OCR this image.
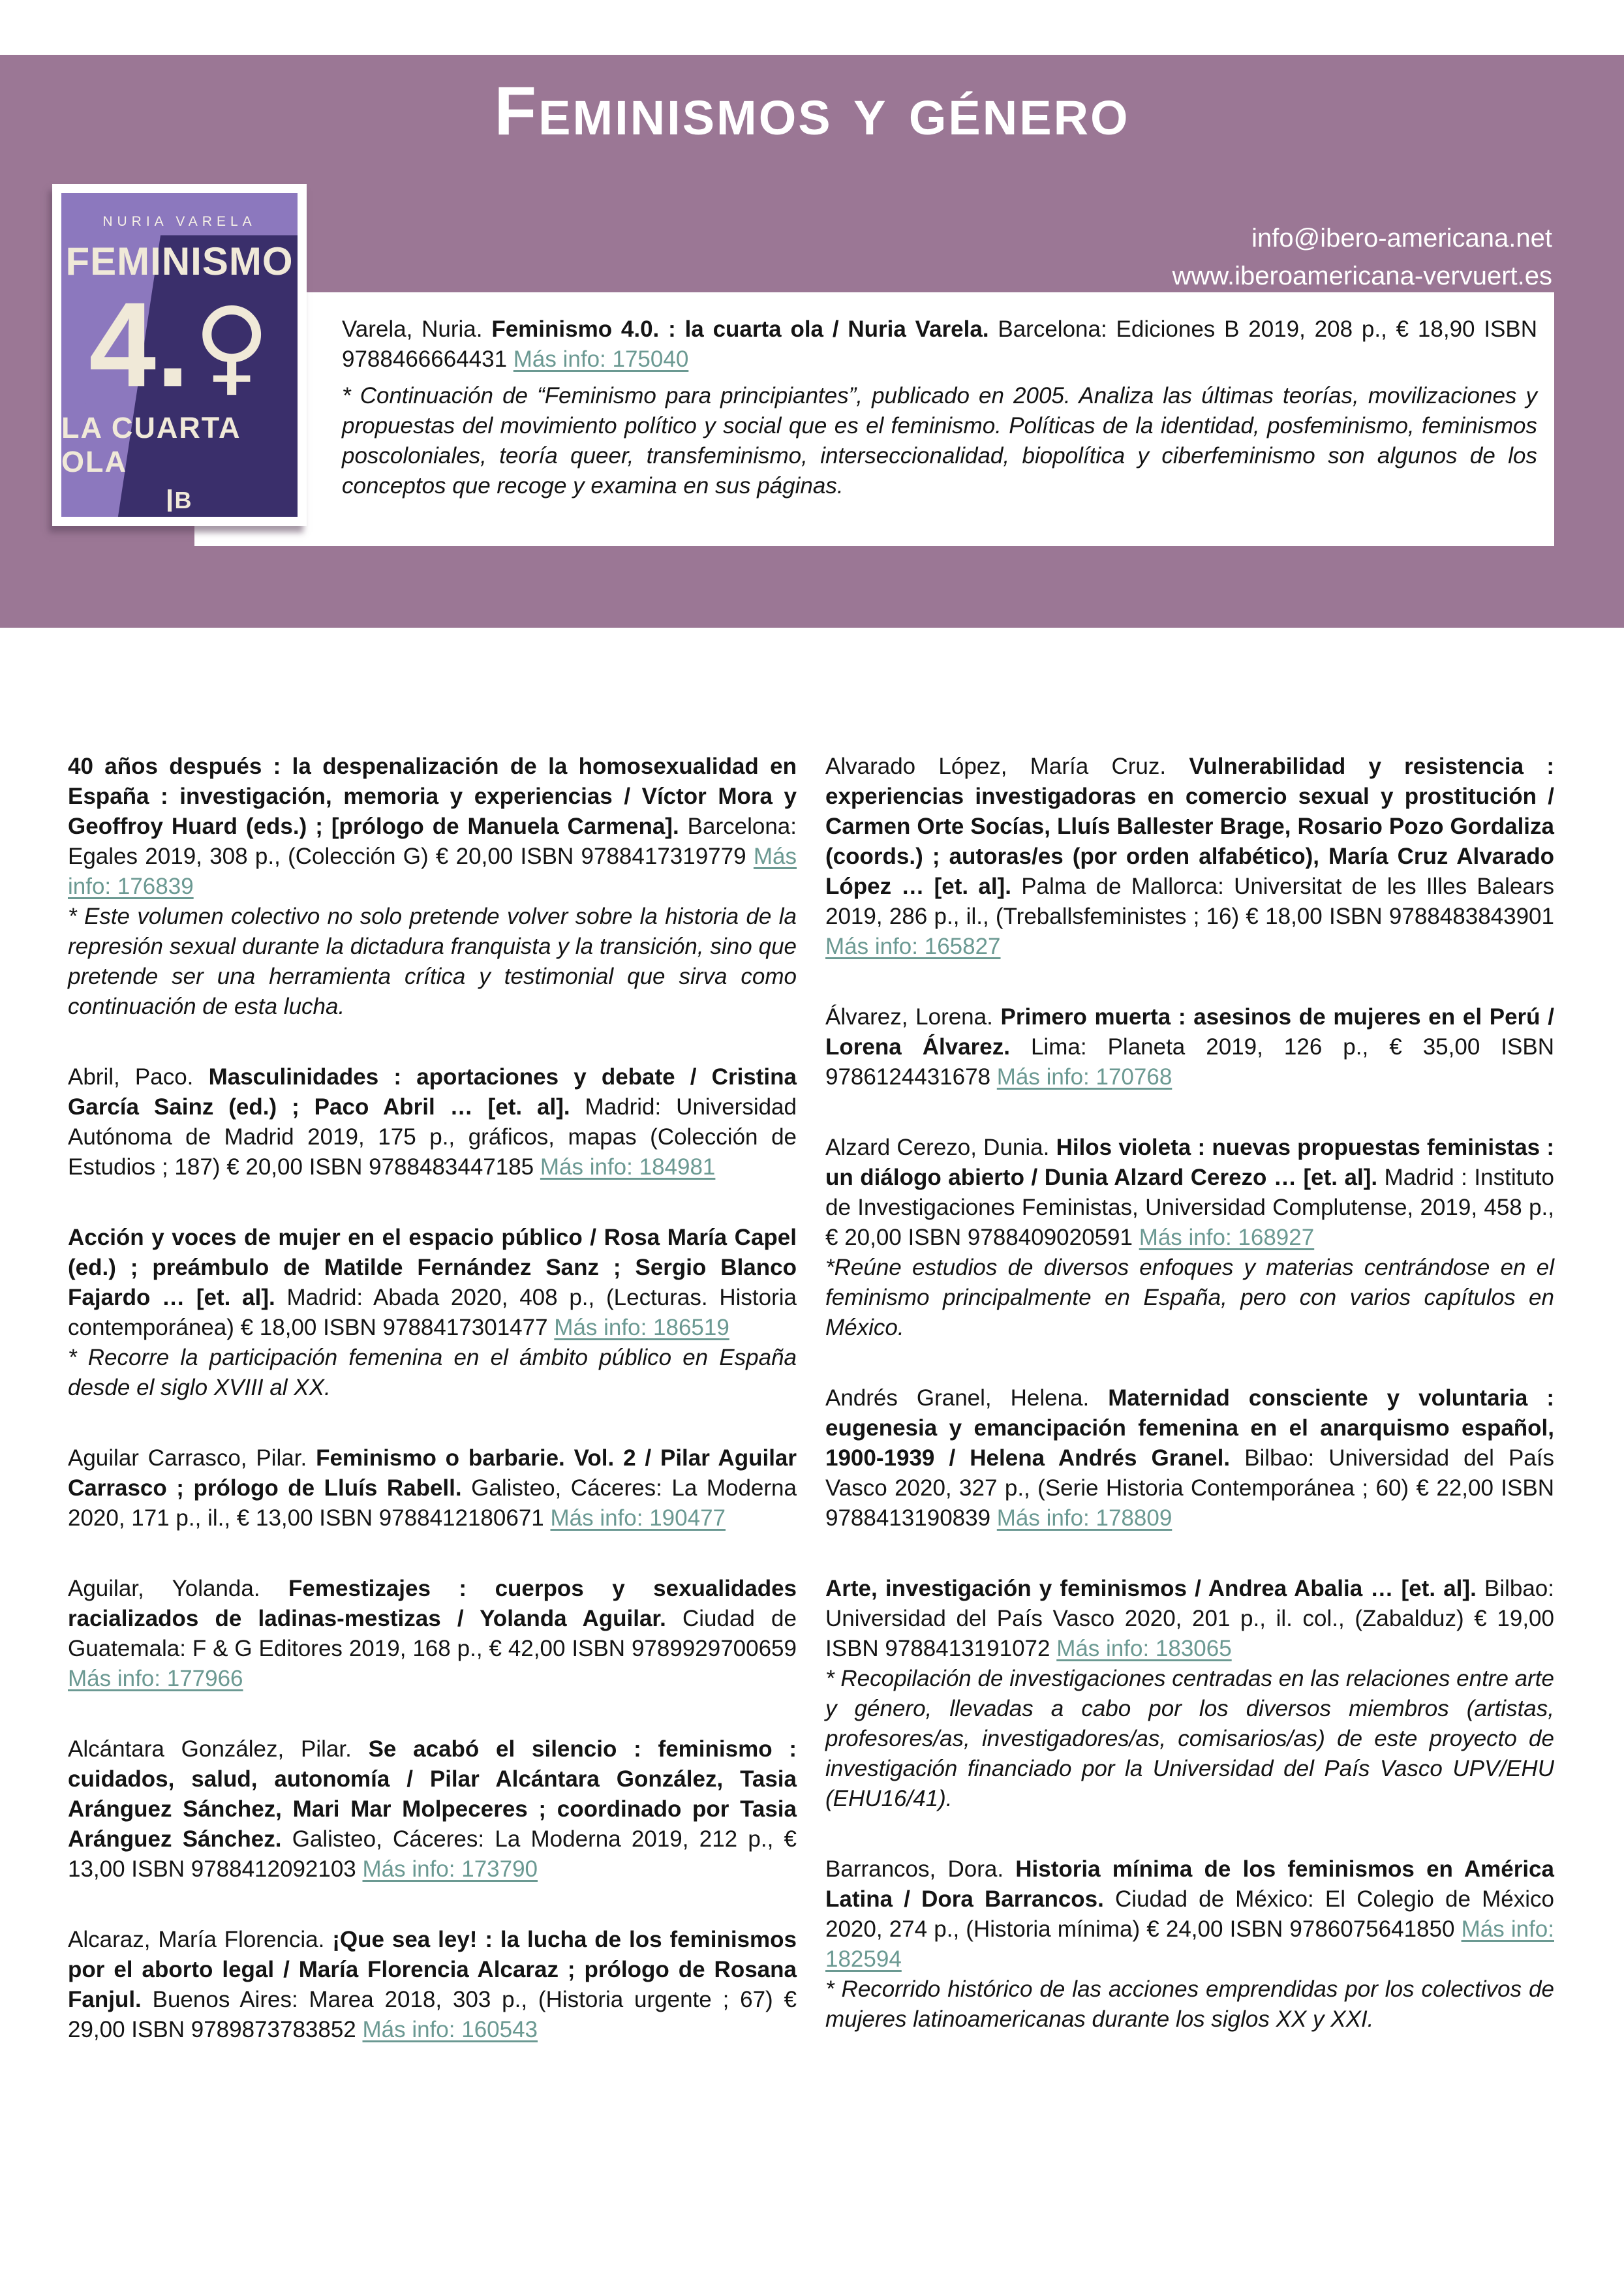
Feminismos y género
info@ibero-americana.net
www.iberoamericana-vervuert.es

Varela, Nuria. Feminismo 4.0. : la cuarta ola / Nuria Varela. Barcelona: Ediciones B 2019, 208 p., € 18,90 ISBN 9788466664431 Más info: 175040

* Continuación de “Feminismo para principiantes”, publicado en 2005. Analiza las últimas teorías, movilizaciones y propuestas del movimiento político y social que es el feminismo. Políticas de la identidad, posfeminismo, feminismos poscoloniales, teoría queer, transfeminismo, interseccionalidad, biopolítica y ciberfeminismo son algunos de los conceptos que recoge y examina en sus páginas.

NURIA VARELA
FEMINISMO
4. ♀
LA CUARTA OLA
B
40 años después : la despenalización de la homosexualidad en España : investigación, memoria y experiencias / Víctor Mora y Geoffroy Huard (eds.) ; [prólogo de Manuela Carmena]. Barcelona: Egales 2019, 308 p., (Colección G) € 20,00 ISBN 9788417319779 Más info: 176839
* Este volumen colectivo no solo pretende volver sobre la historia de la represión sexual durante la dictadura franquista y la transición, sino que pretende ser una herramienta crítica y testimonial que sirva como continuación de esta lucha.
Abril, Paco. Masculinidades : aportaciones y debate / Cristina García Sainz (ed.) ; Paco Abril … [et. al]. Madrid: Universidad Autónoma de Madrid 2019, 175 p., gráficos, mapas (Colección de Estudios ; 187) € 20,00 ISBN 9788483447185 Más info: 184981
Acción y voces de mujer en el espacio público / Rosa María Capel (ed.) ; preámbulo de Matilde Fernández Sanz ; Sergio Blanco Fajardo … [et. al]. Madrid: Abada 2020, 408 p., (Lecturas. Historia contemporánea) € 18,00 ISBN 9788417301477 Más info: 186519
* Recorre la participación femenina en el ámbito público en España desde el siglo XVIII al XX.
Aguilar Carrasco, Pilar. Feminismo o barbarie. Vol. 2 / Pilar Aguilar Carrasco ; prólogo de Lluís Rabell. Galisteo, Cáceres: La Moderna 2020, 171 p., il., € 13,00 ISBN 9788412180671 Más info: 190477
Aguilar, Yolanda. Femestizajes : cuerpos y sexualidades racializados de ladinas-mestizas / Yolanda Aguilar. Ciudad de Guatemala: F & G Editores 2019, 168 p., € 42,00 ISBN 9789929700659 Más info: 177966
Alcántara González, Pilar. Se acabó el silencio : feminismo : cuidados, salud, autonomía / Pilar Alcántara González, Tasia Aránguez Sánchez, Mari Mar Molpeceres ; coordinado por Tasia Aránguez Sánchez. Galisteo, Cáceres: La Moderna 2019, 212 p., € 13,00 ISBN 9788412092103 Más info: 173790
Alcaraz, María Florencia. ¡Que sea ley! : la lucha de los feminismos por el aborto legal / María Florencia Alcaraz ; prólogo de Rosana Fanjul. Buenos Aires: Marea 2018, 303 p., (Historia urgente ; 67) € 29,00 ISBN 9789873783852 Más info: 160543
Alvarado López, María Cruz. Vulnerabilidad y resistencia : experiencias investigadoras en comercio sexual y prostitución / Carmen Orte Socías, Lluís Ballester Brage, Rosario Pozo Gordaliza (coords.) ; autoras/es (por orden alfabético), María Cruz Alvarado López … [et. al]. Palma de Mallorca: Universitat de les Illes Balears 2019, 286 p., il., (Treballsfeministes ; 16) € 18,00 ISBN 9788483843901 Más info: 165827
Álvarez, Lorena. Primero muerta : asesinos de mujeres en el Perú / Lorena Álvarez. Lima: Planeta 2019, 126 p., € 35,00 ISBN 9786124431678 Más info: 170768
Alzard Cerezo, Dunia. Hilos violeta : nuevas propuestas feministas : un diálogo abierto / Dunia Alzard Cerezo … [et. al]. Madrid : Instituto de Investigaciones Feministas, Universidad Complutense, 2019, 458 p., € 20,00 ISBN 9788409020591 Más info: 168927
*Reúne estudios de diversos enfoques y materias centrándose en el feminismo principalmente en España, pero con varios capítulos en México.
Andrés Granel, Helena. Maternidad consciente y voluntaria : eugenesia y emancipación femenina en el anarquismo español, 1900-1939 / Helena Andrés Granel. Bilbao: Universidad del País Vasco 2020, 327 p., (Serie Historia Contemporánea ; 60) € 22,00 ISBN 9788413190839 Más info: 178809
Arte, investigación y feminismos / Andrea Abalia … [et. al]. Bilbao: Universidad del País Vasco 2020, 201 p., il. col., (Zabalduz) € 19,00 ISBN 9788413191072 Más info: 183065
* Recopilación de investigaciones centradas en las relaciones entre arte y género, llevadas a cabo por los diversos miembros (artistas, profesores/as, investigadores/as, comisarios/as) de este proyecto de investigación financiado por la Universidad del País Vasco UPV/EHU (EHU16/41).
Barrancos, Dora. Historia mínima de los feminismos en América Latina / Dora Barrancos. Ciudad de México: El Colegio de México 2020, 274 p., (Historia mínima) € 24,00 ISBN 9786075641850 Más info: 182594
* Recorrido histórico de las acciones emprendidas por los colectivos de mujeres latinoamericanas durante los siglos XX y XXI.
